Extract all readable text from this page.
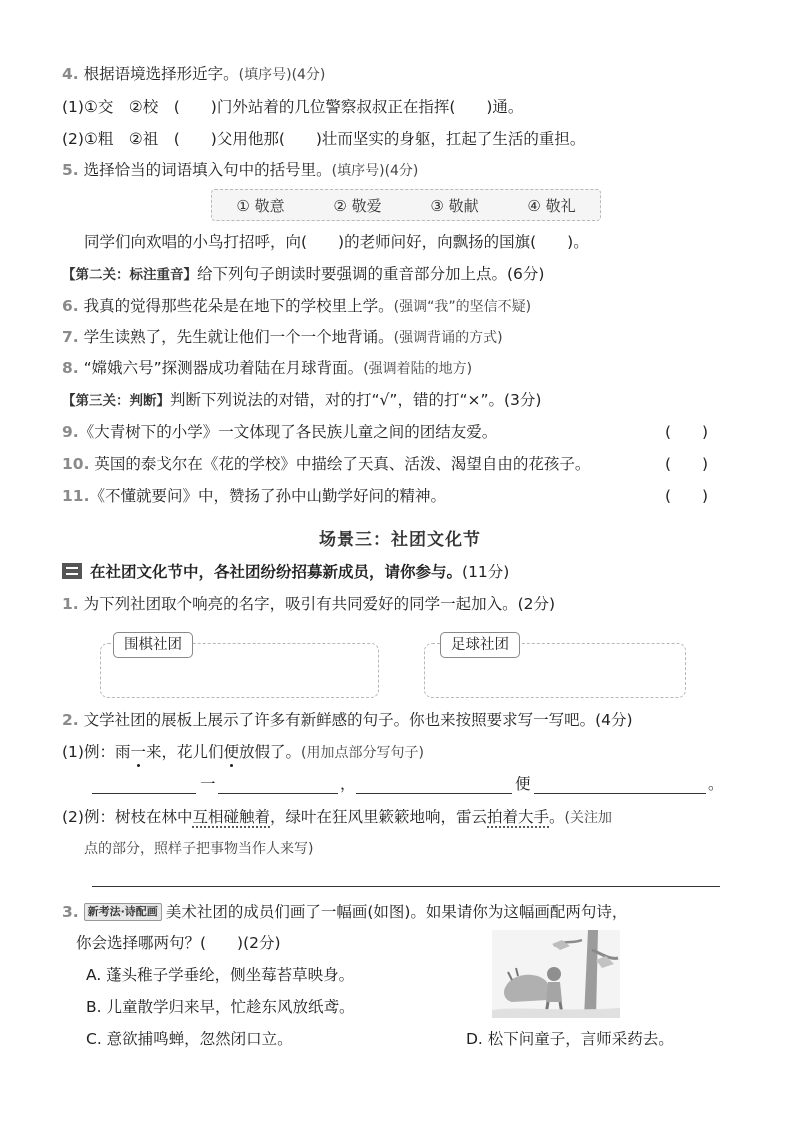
4. 根据语境选择形近字。(填序号)(4分)
(1)①交　②校　(　　)门外站着的几位警察叔叔正在指挥(　　)通。
(2)①粗　②祖　(　　)父用他那(　　)壮而坚实的身躯，扛起了生活的重担。
5. 选择恰当的词语填入句中的括号里。(填序号)(4分)
① 敬意	② 敬爱	③ 敬献	④ 敬礼
同学们向欢唱的小鸟打招呼，向(　　)的老师问好，向飘扬的国旗(　　)。
【第二关：标注重音】给下列句子朗读时要强调的重音部分加上点。(6分)
6. 我真的觉得那些花朵是在地下的学校里上学。(强调“我”的坚信不疑)
7. 学生读熟了，先生就让他们一个一个地背诵。(强调背诵的方式)
8. “嫦娥六号”探测器成功着陆在月球背面。(强调着陆的地方)
【第三关：判断】判断下列说法的对错，对的打“√”，错的打“×”。(3分)
9.《大青树下的小学》一文体现了各民族儿童之间的团结友爱。	(　　)
10. 英国的泰戈尔在《花的学校》中描绘了天真、活泼、渴望自由的花孩子。	(　　)
11.《不懂就要问》中，赞扬了孙中山勤学好问的精神。	(　　)
场景三：社团文化节
在社团文化节中，各社团纷纷招募新成员，请你参与。(11分)
1. 为下列社团取个响亮的名字，吸引有共同爱好的同学一起加入。(2分)
围棋社团	足球社团
2. 文学社团的展板上展示了许多有新鲜感的句子。你也来按照要求写一写吧。(4分)
(1)例：雨一来，花儿们便放假了。(用加点部分写句子)
一	，	便	。
(2)例：树枝在林中互相碰触着，绿叶在狂风里簌簌地响，雷云拍着大手。(关注加
点的部分，照样子把事物当作人来写)
3. 新考法·诗配画 美术社团的成员们画了一幅画(如图)。如果请你为这幅画配两句诗，
你会选择哪两句？(　　)(2分)
A. 蓬头稚子学垂纶，侧坐莓苔草映身。
B. 儿童散学归来早，忙趁东风放纸鸢。
C. 意欲捕鸣蝉，忽然闭口立。	D. 松下问童子，言师采药去。
